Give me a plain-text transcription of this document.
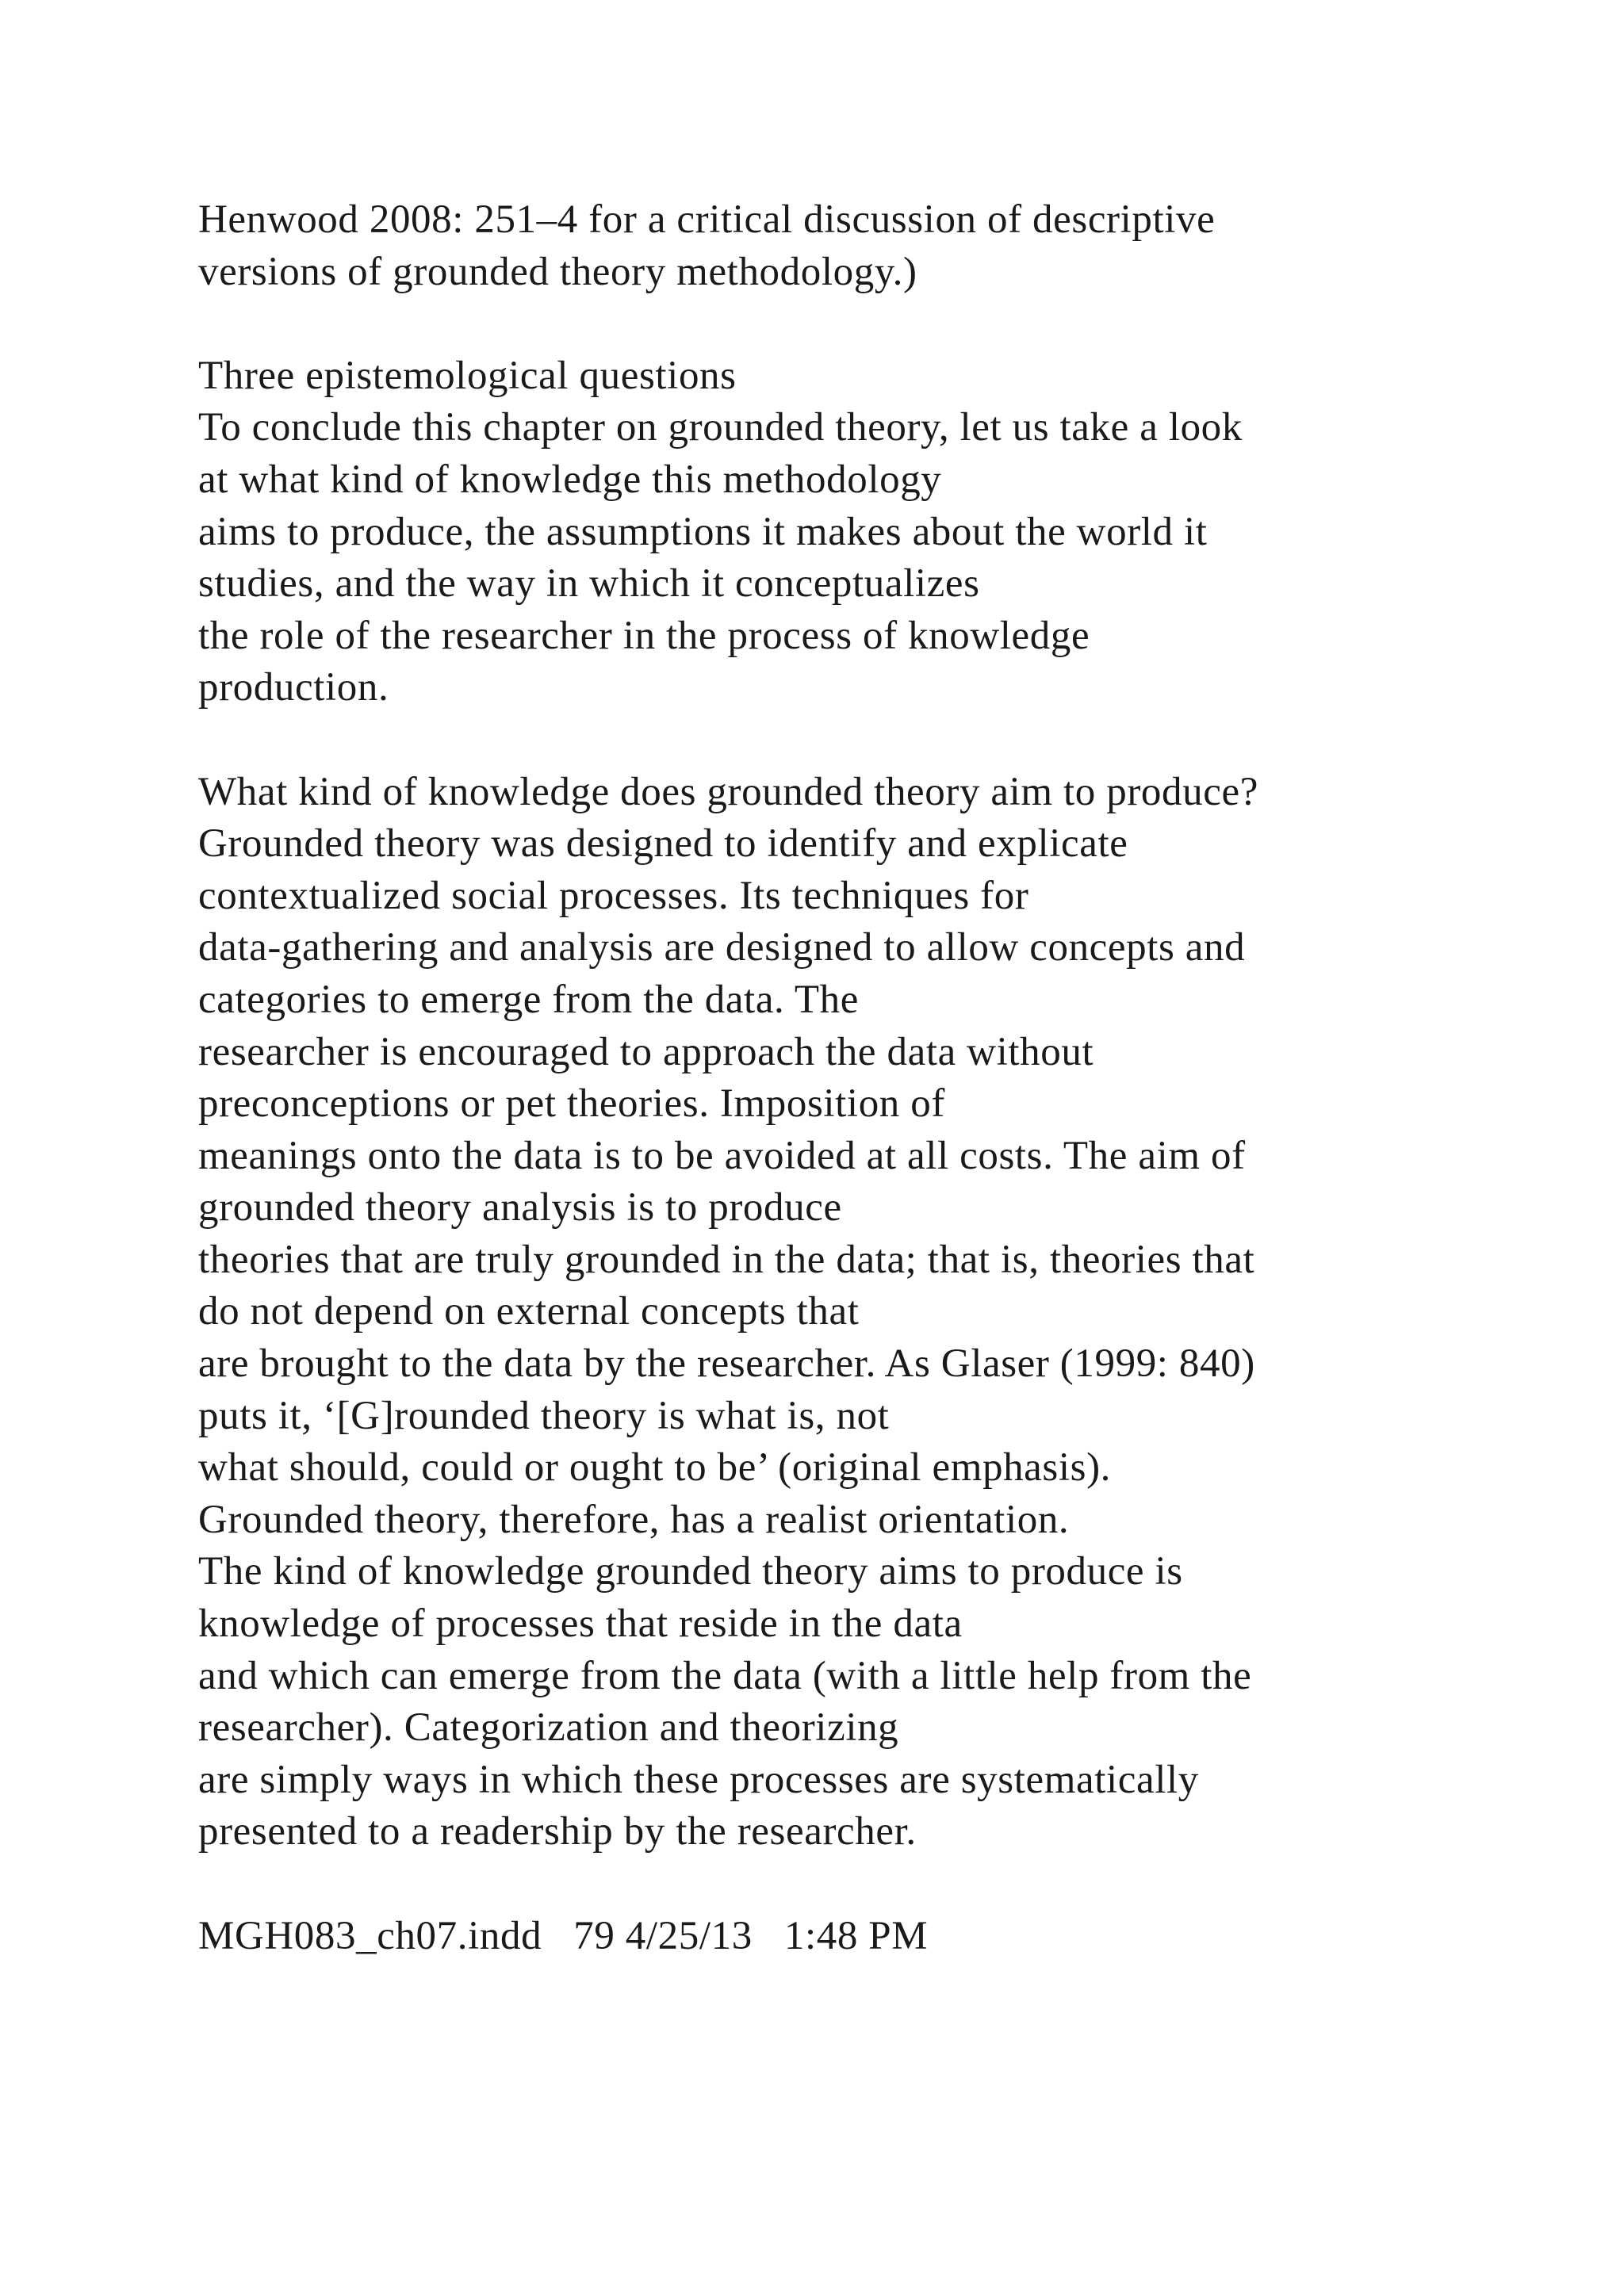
Henwood 2008: 251–4 for a critical discussion of descriptive
versions of grounded theory methodology.)
Three epistemological questions
To conclude this chapter on grounded theory, let us take a look
at what kind of knowledge this methodology
aims to produce, the assumptions it makes about the world it
studies, and the way in which it conceptualizes
the role of the researcher in the process of knowledge
production.
What kind of knowledge does grounded theory aim to produce?
Grounded theory was designed to identify and explicate
contextualized social processes. Its techniques for
data-gathering and analysis are designed to allow concepts and
categories to emerge from the data. The
researcher is encouraged to approach the data without
preconceptions or pet theories. Imposition of
meanings onto the data is to be avoided at all costs. The aim of
grounded theory analysis is to produce
theories that are truly grounded in the data; that is, theories that
do not depend on external concepts that
are brought to the data by the researcher. As Glaser (1999: 840)
puts it, ‘[G]rounded theory is what is, not
what should, could or ought to be’ (original emphasis).
Grounded theory, therefore, has a realist orientation.
The kind of knowledge grounded theory aims to produce is
knowledge of processes that reside in the data
and which can emerge from the data (with a little help from the
researcher). Categorization and theorizing
are simply ways in which these processes are systematically
presented to a readership by the researcher.
MGH083_ch07.indd   79 4/25/13   1:48 PM
